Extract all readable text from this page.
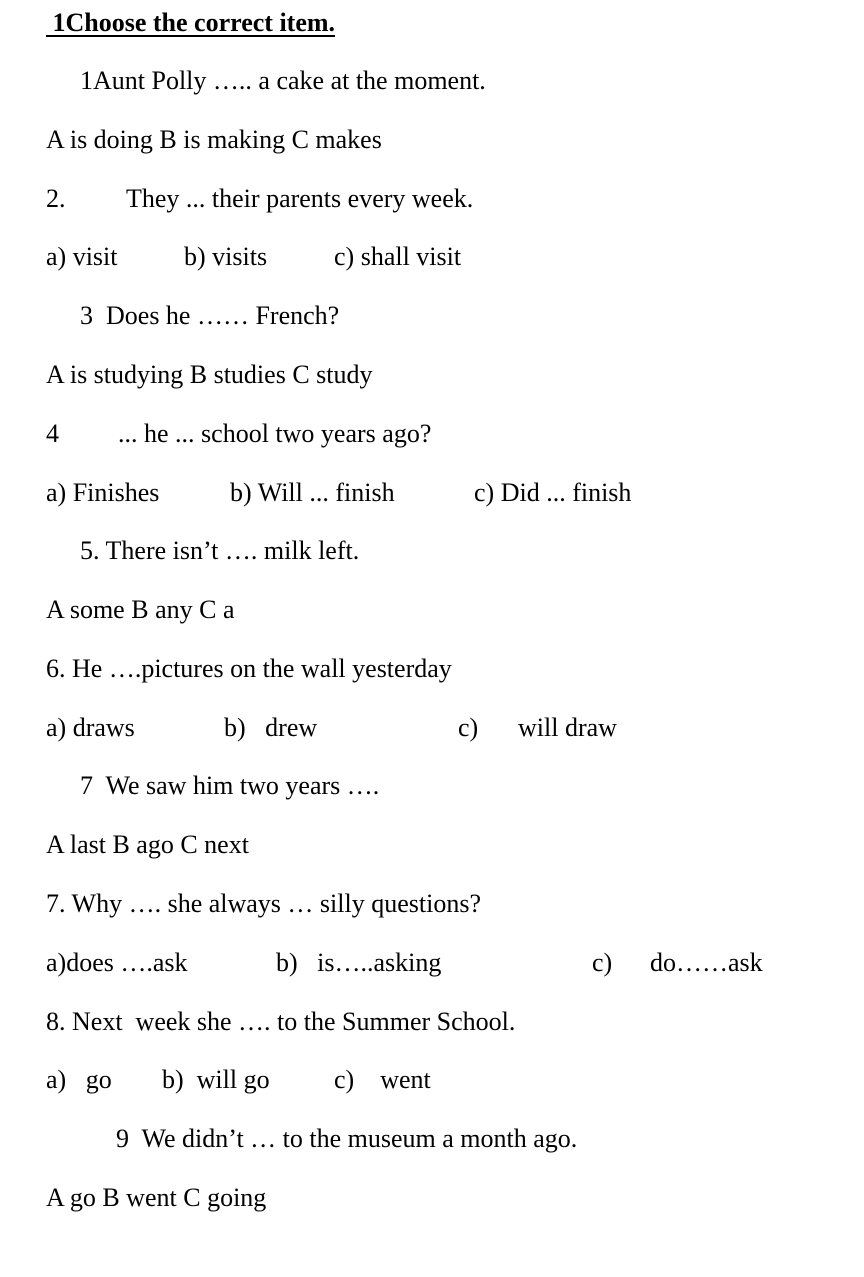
1Choose the correct item.

1Aunt Polly ….. a cake at the moment.

A is doing B is making C makes

2. They ... their parents every week.

a) visit	b) visits	c) shall visit

3  Does he …… French?

A is studying B studies C study

4 ... he ... school two years ago?

a) Finishes	b) Will ... finish	c) Did ... finish

5. There isn’t …. milk left.

A some B any C a

6. He ….pictures on the wall yesterday

a) draws	b)   drew	c) will draw

7  We saw him two years ….

A last B ago C next

7. Why …. she always … silly questions?

a)does ….ask	b)   is…..asking	c) do……ask

8. Next  week she …. to the Summer School.

a)   go b)  will go c)    went

9  We didn’t … to the museum a month ago.

A go B went C going
